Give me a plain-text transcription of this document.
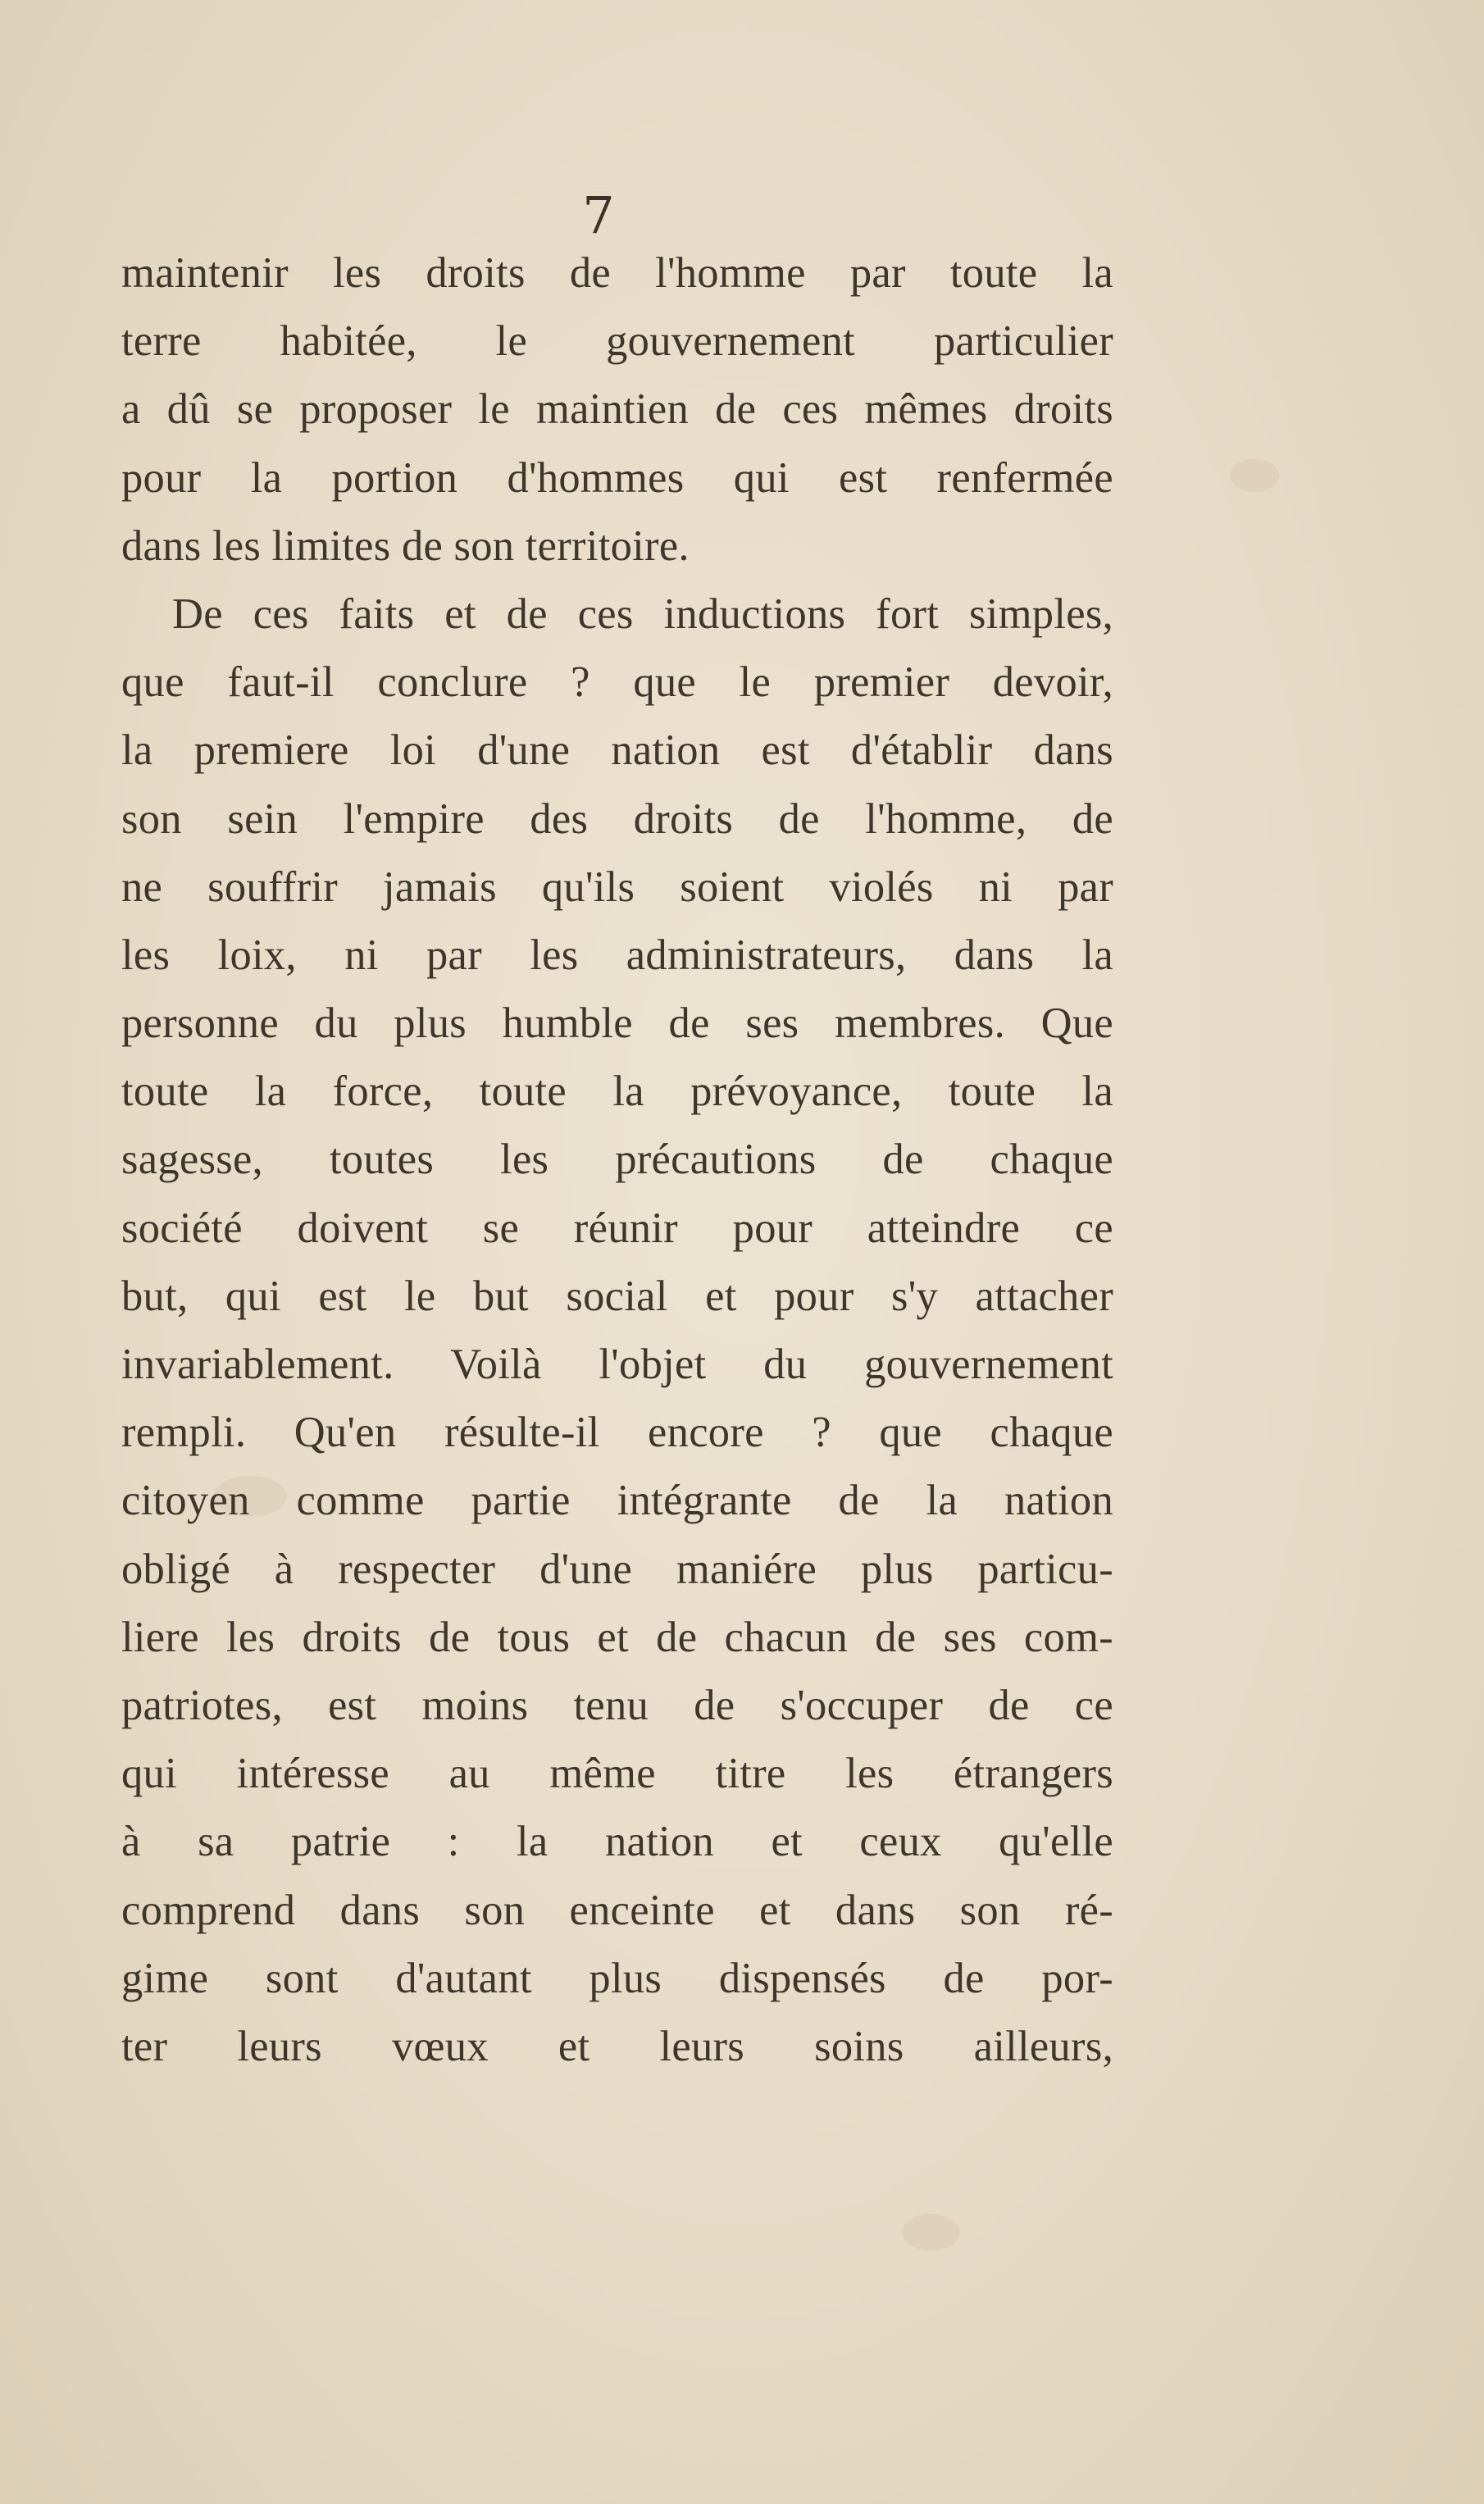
7
maintenir les droits de l'homme par toute la
terre habitée, le gouvernement particulier
a dû se proposer le maintien de ces mêmes droits
pour la portion d'hommes qui est renfermée
dans les limites de son territoire.
De ces faits et de ces inductions fort simples,
que faut-il conclure ? que le premier devoir,
la premiere loi d'une nation est d'établir dans
son sein l'empire des droits de l'homme, de
ne souffrir jamais qu'ils soient violés ni par
les loix, ni par les administrateurs, dans la
personne du plus humble de ses membres. Que
toute la force, toute la prévoyance, toute la
sagesse, toutes les précautions de chaque
société doivent se réunir pour atteindre ce
but, qui est le but social et pour s'y attacher
invariablement. Voilà l'objet du gouvernement
rempli. Qu'en résulte-il encore ? que chaque
citoyen comme partie intégrante de la nation
obligé à respecter d'une maniére plus particu-
liere les droits de tous et de chacun de ses com-
patriotes, est moins tenu de s'occuper de ce
qui intéresse au même titre les étrangers
à sa patrie : la nation et ceux qu'elle
comprend dans son enceinte et dans son ré-
gime sont d'autant plus dispensés de por-
ter leurs vœux et leurs soins ailleurs,
